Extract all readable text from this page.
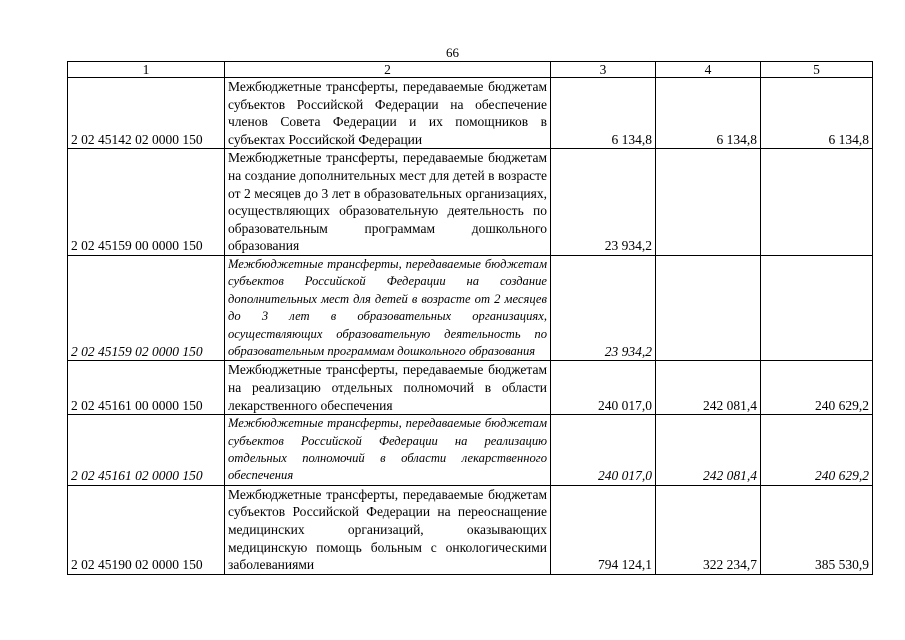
66
1	2	3	4	5
2 02 45142 02 0000 150	Межбюджетные трансферты, передаваемые бюджетам субъектов Российской Федерации на обеспечение членов Совета Федерации и их помощников в субъектах Российской Федерации	6 134,8	6 134,8	6 134,8
2 02 45159 00 0000 150	Межбюджетные трансферты, передаваемые бюджетам на создание дополнительных мест для детей в возрасте от 2 месяцев до 3 лет в образовательных организациях, осуществляющих образовательную деятельность по образовательным программам дошкольного образования	23 934,2		
2 02 45159 02 0000 150	Межбюджетные трансферты, передаваемые бюджетам субъектов Российской Федерации на создание дополнительных мест для детей в возрасте от 2 месяцев до 3 лет в образовательных организациях, осуществляющих образовательную деятельность по образовательным программам дошкольного образования	23 934,2		
2 02 45161 00 0000 150	Межбюджетные трансферты, передаваемые бюджетам на реализацию отдельных полномочий в области лекарственного обеспечения	240 017,0	242 081,4	240 629,2
2 02 45161 02 0000 150	Межбюджетные трансферты, передаваемые бюджетам субъектов Российской Федерации на реализацию отдельных полномочий в области лекарственного обеспечения	240 017,0	242 081,4	240 629,2
2 02 45190 02 0000 150	Межбюджетные трансферты, передаваемые бюджетам субъектов Российской Федерации на переоснащение медицинских организаций, оказывающих медицинскую помощь больным с онкологическими заболеваниями	794 124,1	322 234,7	385 530,9
